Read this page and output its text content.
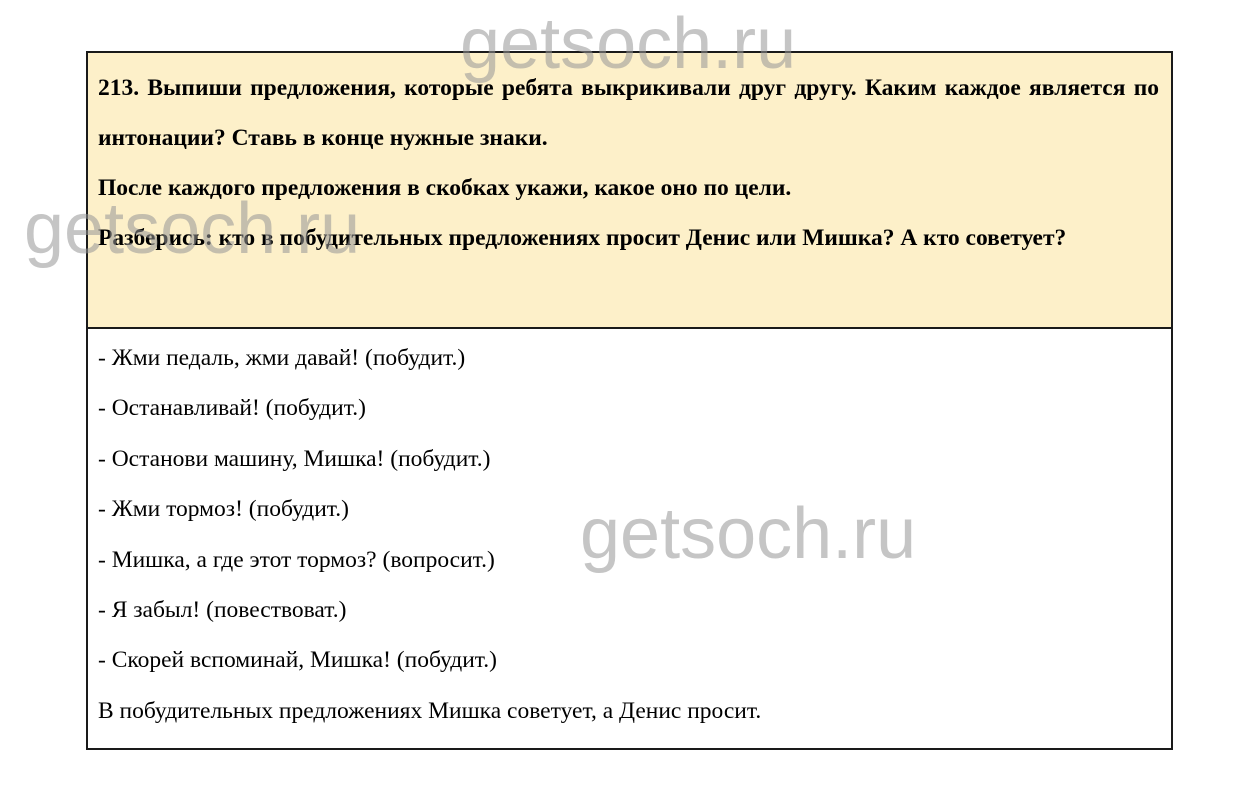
213. Выпиши предложения, которые ребята выкрикивали друг другу. Каким каждое является по интонации? Ставь в конце нужные знаки.

После каждого предложения в скобках укажи, какое оно по цели.

Разберись: кто в побудительных предложениях просит Денис или Мишка? А кто советует?

- Жми педаль, жми давай! (побудит.)

- Останавливай! (побудит.)

- Останови машину, Мишка! (побудит.)

- Жми тормоз! (побудит.)

- Мишка, а где этот тормоз? (вопросит.)

- Я забыл! (повествоват.)

- Скорей вспоминай, Мишка! (побудит.)

В побудительных предложениях Мишка советует, а Денис просит.

getsoch.ru
getsoch.ru
getsoch.ru
